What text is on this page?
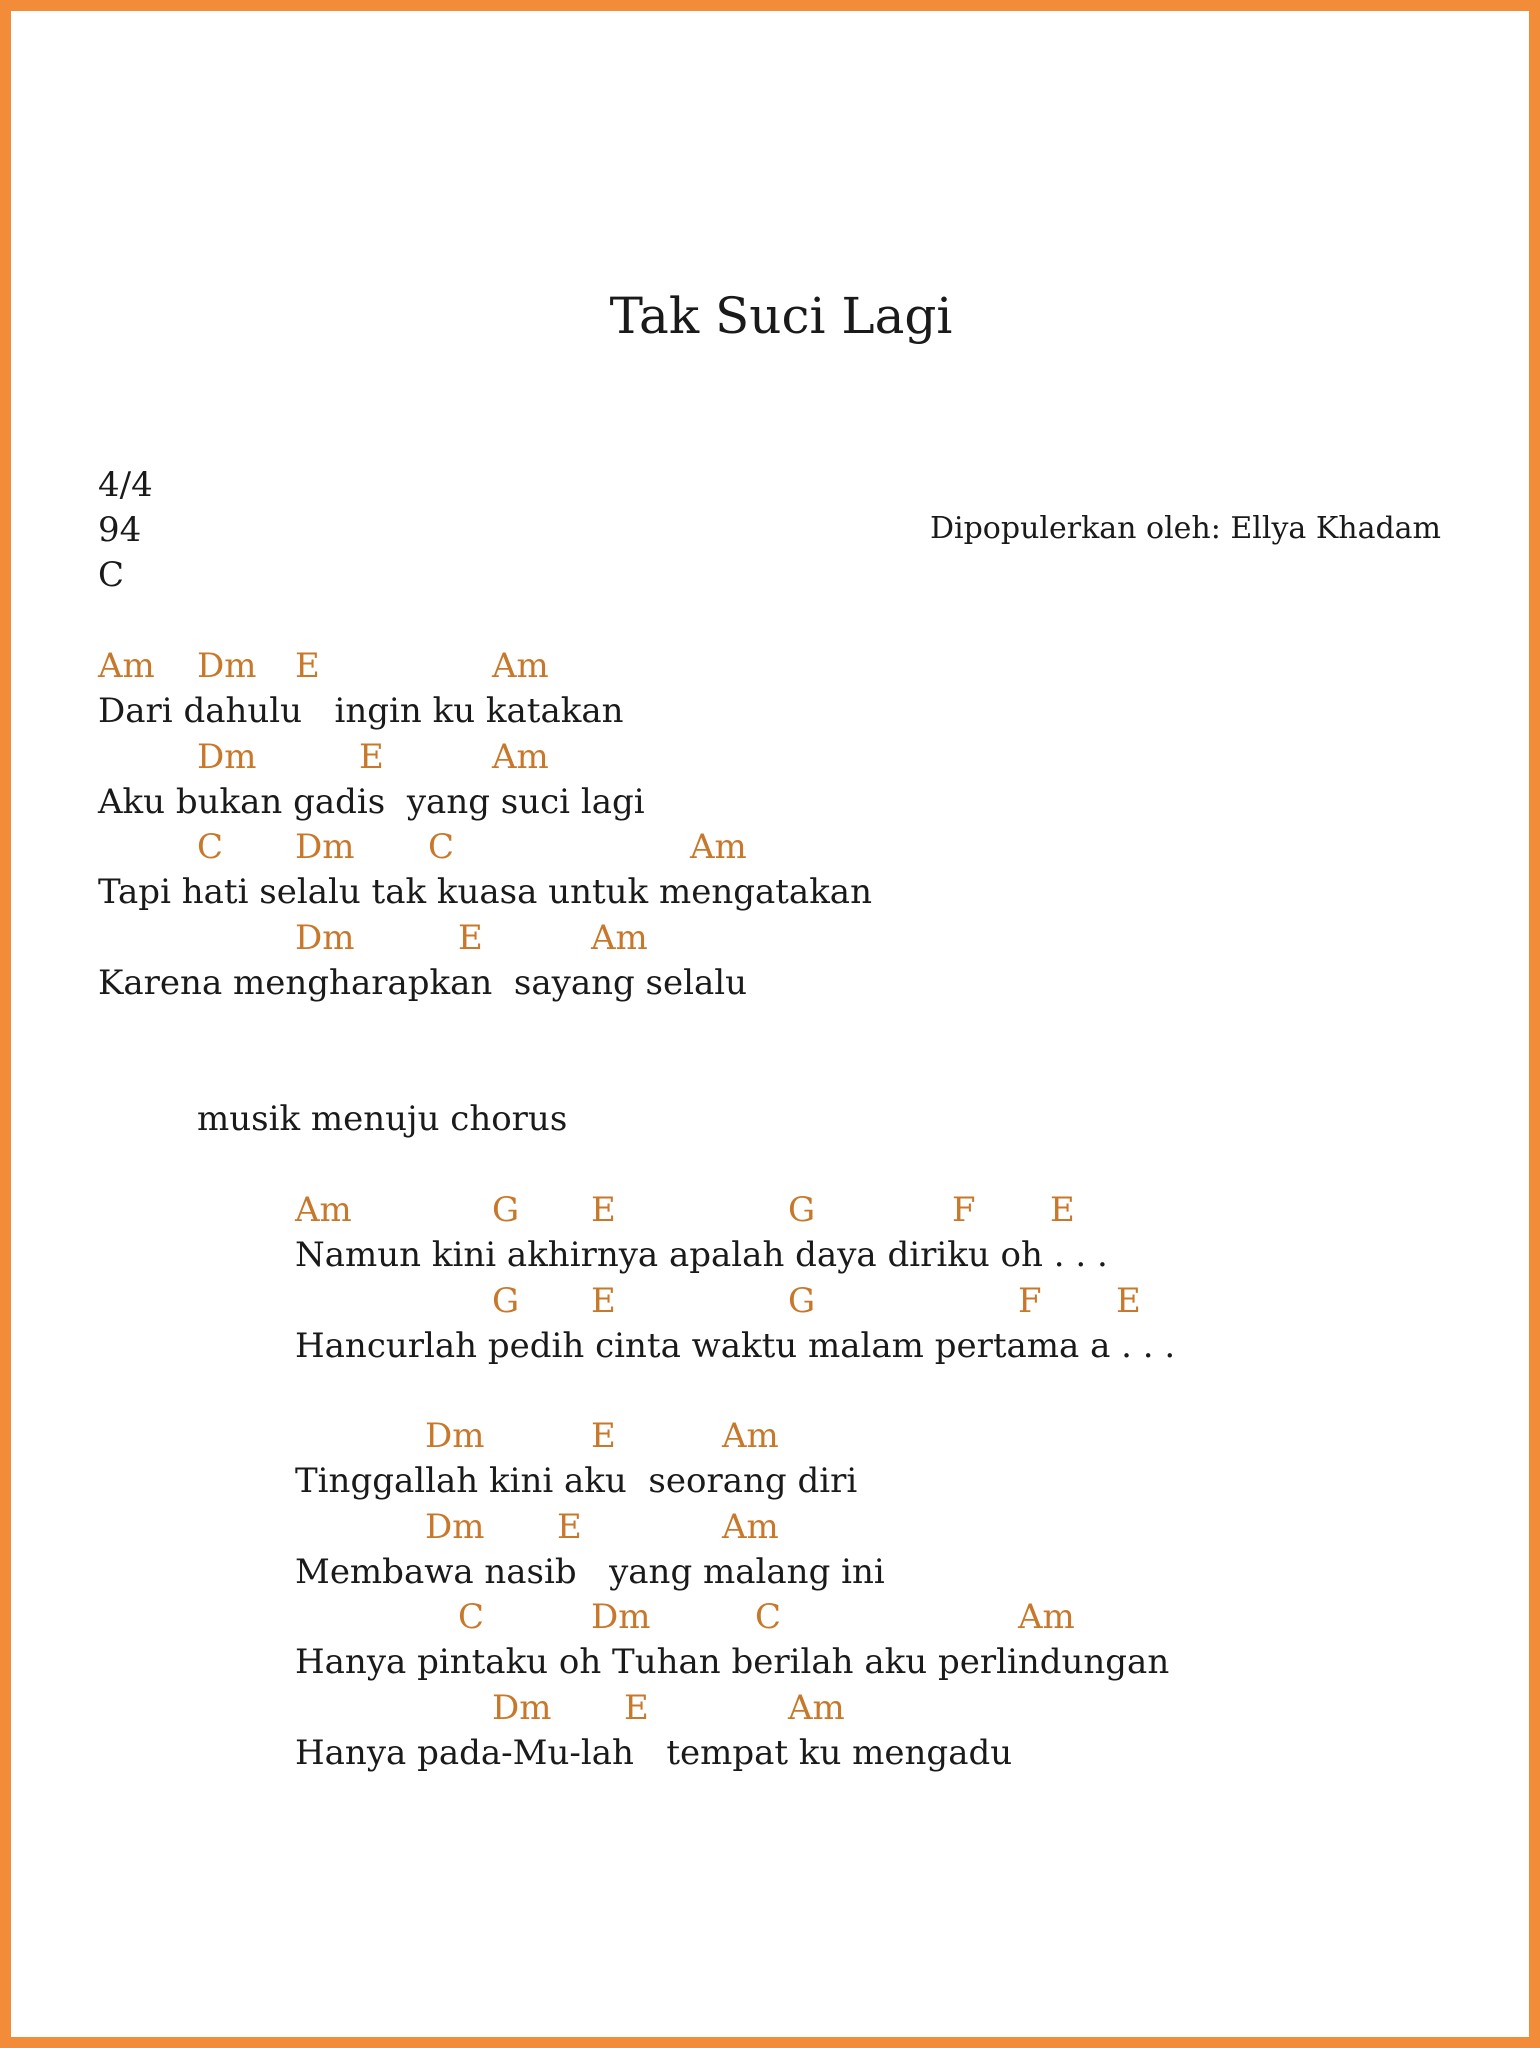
Tak Suci Lagi
4/4
94
C
Dipopulerkan oleh: Ellya Khadam
Am Dm E	Am
Dari dahulu   ingin ku katakan
Dm	E	Am
Aku bukan gadis  yang suci lagi
C Dm C	Am
Tapi hati selalu tak kuasa untuk mengatakan
Dm	E	Am
Karena mengharapkan  sayang selalu
musik menuju chorus
Am	G E	G	F E
Namun kini akhirnya apalah daya diriku oh . . .
G E	G	F E
Hancurlah pedih cinta waktu malam pertama a . . .
Dm	E	Am
Tinggallah kini aku  seorang diri
Dm E	Am
Membawa nasib   yang malang ini
C	Dm	C	Am
Hanya pintaku oh Tuhan berilah aku perlindungan
Dm E	Am
Hanya pada-Mu-lah   tempat ku mengadu
